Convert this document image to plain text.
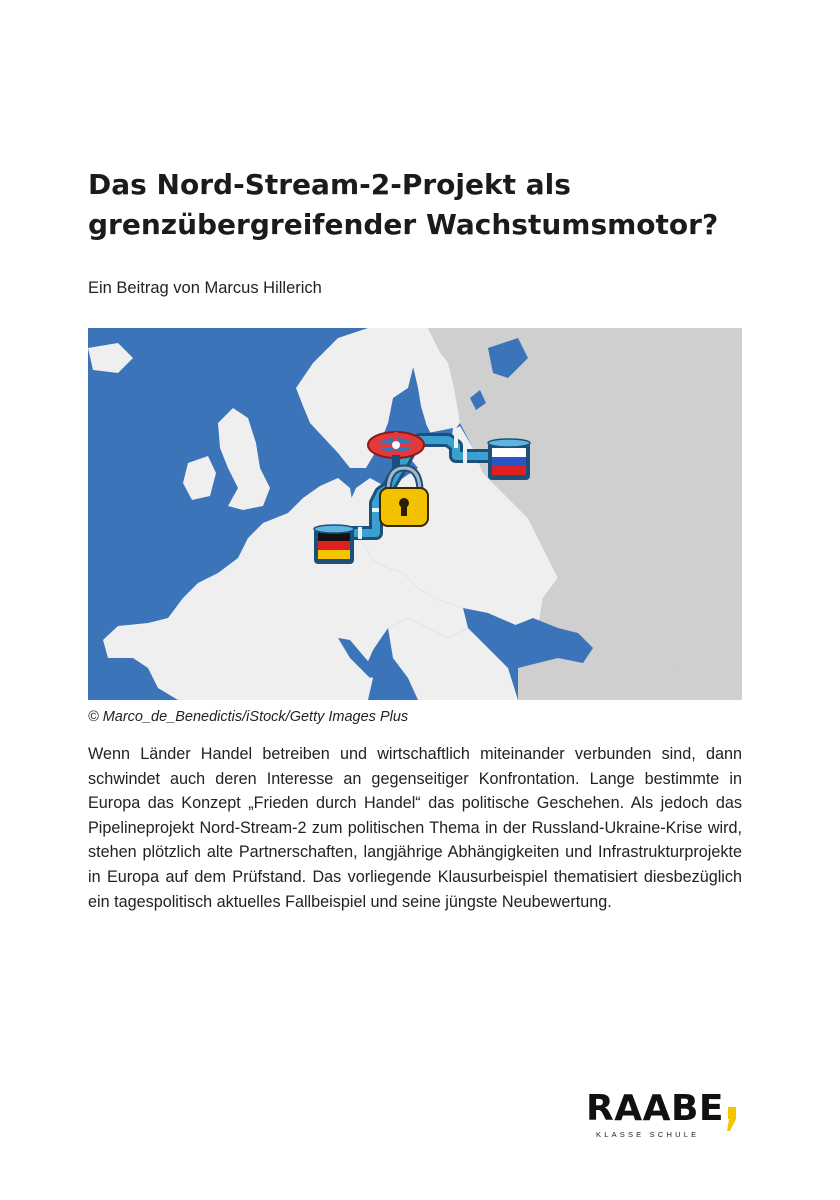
Das Nord-Stream-2-Projekt als
grenzübergreifender Wachstumsmotor?
Ein Beitrag von Marcus Hillerich
© Marco_de_Benedictis/iStock/Getty Images Plus

Wenn Länder Handel betreiben und wirtschaftlich miteinander verbunden sind, dann schwindet auch deren Interesse an gegenseitiger Konfrontation. Lange bestimmte in Europa das Konzept „Frieden durch Handel“ das politische Geschehen. Als jedoch das Pipelineprojekt Nord-Stream-2 zum politischen Thema in der Russland-Ukraine-Krise wird, stehen plötzlich alte Partnerschaften, langjährige Abhängigkeiten und Infrastrukturprojekte in Europa auf dem Prüfstand. Das vorliegende Klausurbeispiel thematisiert diesbezüglich ein tagespolitisch aktuelles Fallbeispiel und seine jüngste Neubewertung.

RAABE
KLASSE SCHULE
